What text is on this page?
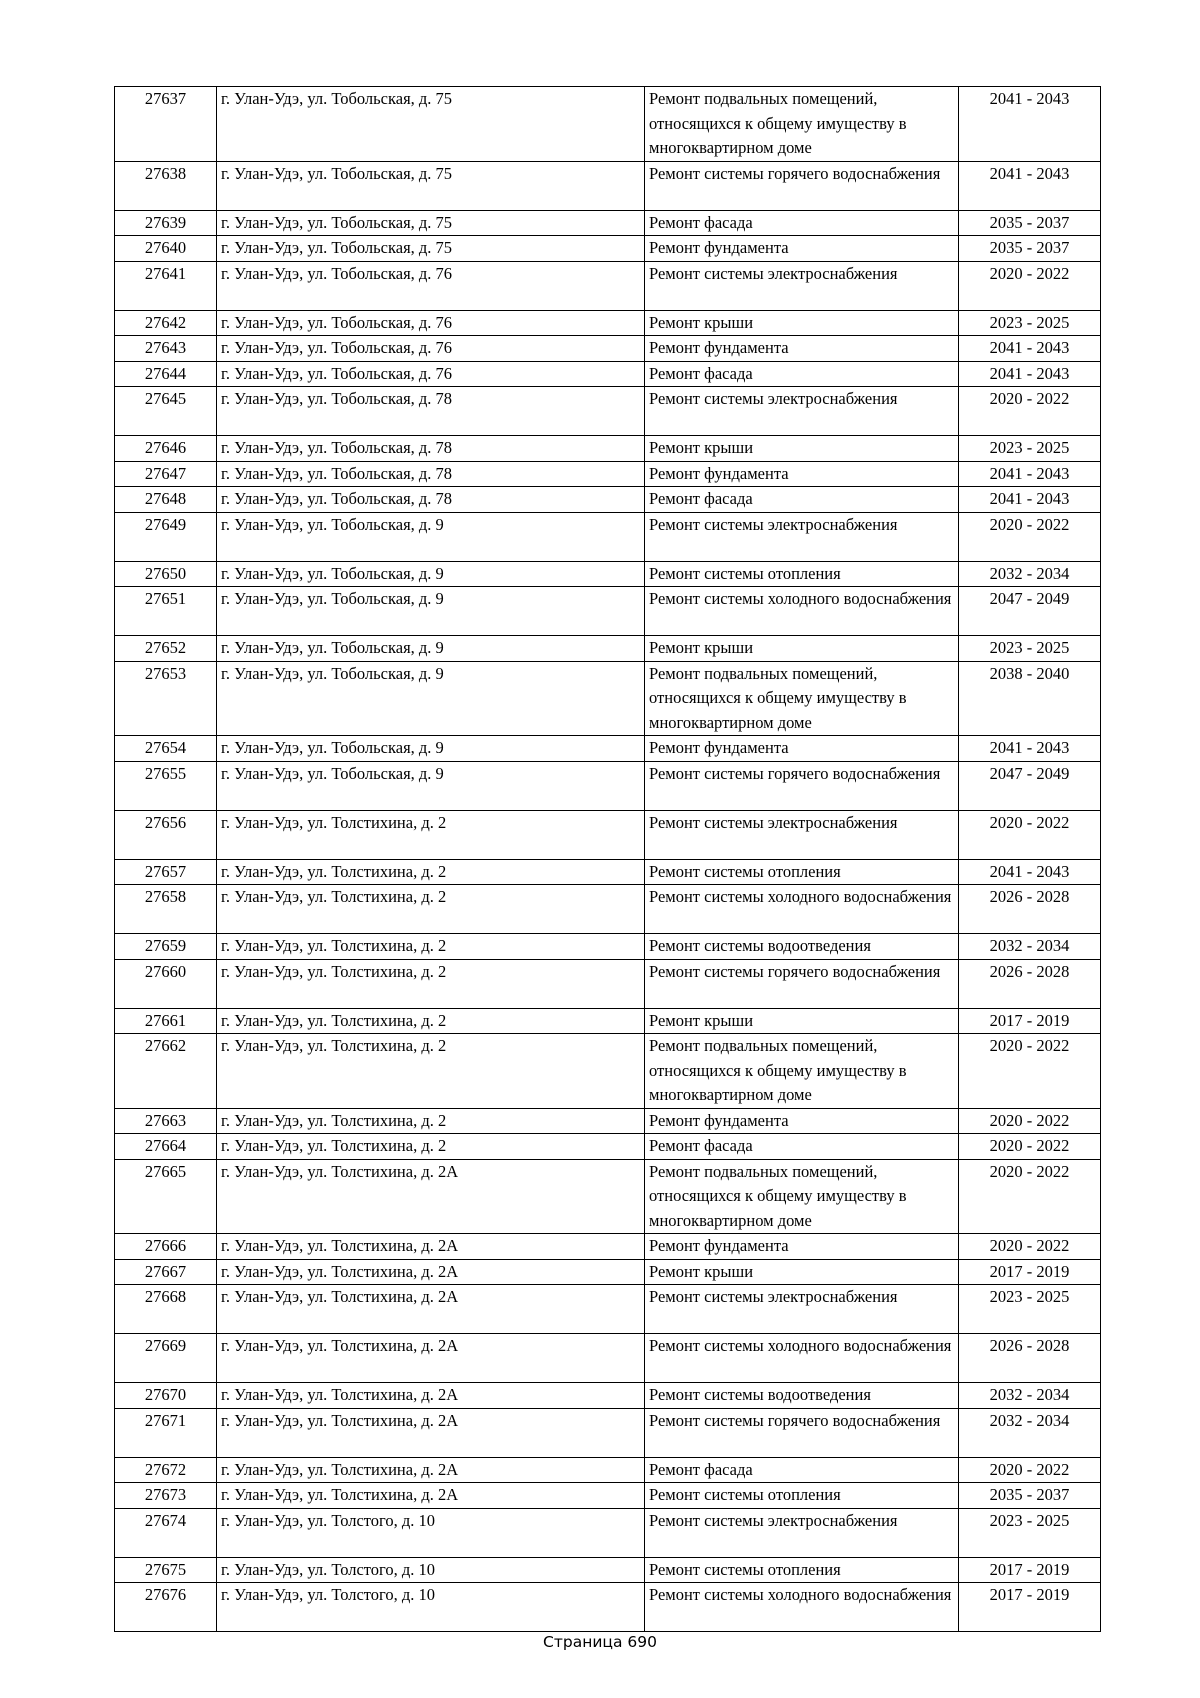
27637	г. Улан-Удэ, ул. Тобольская, д. 75	Ремонт подвальных помещений, относящихся к общему имуществу в многоквартирном доме	2041 - 2043
27638	г. Улан-Удэ, ул. Тобольская, д. 75	Ремонт системы горячего водоснабжения	2041 - 2043
27639	г. Улан-Удэ, ул. Тобольская, д. 75	Ремонт фасада	2035 - 2037
27640	г. Улан-Удэ, ул. Тобольская, д. 75	Ремонт фундамента	2035 - 2037
27641	г. Улан-Удэ, ул. Тобольская, д. 76	Ремонт системы электроснабжения	2020 - 2022
27642	г. Улан-Удэ, ул. Тобольская, д. 76	Ремонт крыши	2023 - 2025
27643	г. Улан-Удэ, ул. Тобольская, д. 76	Ремонт фундамента	2041 - 2043
27644	г. Улан-Удэ, ул. Тобольская, д. 76	Ремонт фасада	2041 - 2043
27645	г. Улан-Удэ, ул. Тобольская, д. 78	Ремонт системы электроснабжения	2020 - 2022
27646	г. Улан-Удэ, ул. Тобольская, д. 78	Ремонт крыши	2023 - 2025
27647	г. Улан-Удэ, ул. Тобольская, д. 78	Ремонт фундамента	2041 - 2043
27648	г. Улан-Удэ, ул. Тобольская, д. 78	Ремонт фасада	2041 - 2043
27649	г. Улан-Удэ, ул. Тобольская, д. 9	Ремонт системы электроснабжения	2020 - 2022
27650	г. Улан-Удэ, ул. Тобольская, д. 9	Ремонт системы отопления	2032 - 2034
27651	г. Улан-Удэ, ул. Тобольская, д. 9	Ремонт системы холодного водоснабжения	2047 - 2049
27652	г. Улан-Удэ, ул. Тобольская, д. 9	Ремонт крыши	2023 - 2025
27653	г. Улан-Удэ, ул. Тобольская, д. 9	Ремонт подвальных помещений, относящихся к общему имуществу в многоквартирном доме	2038 - 2040
27654	г. Улан-Удэ, ул. Тобольская, д. 9	Ремонт фундамента	2041 - 2043
27655	г. Улан-Удэ, ул. Тобольская, д. 9	Ремонт системы горячего водоснабжения	2047 - 2049
27656	г. Улан-Удэ, ул. Толстихина, д. 2	Ремонт системы электроснабжения	2020 - 2022
27657	г. Улан-Удэ, ул. Толстихина, д. 2	Ремонт системы отопления	2041 - 2043
27658	г. Улан-Удэ, ул. Толстихина, д. 2	Ремонт системы холодного водоснабжения	2026 - 2028
27659	г. Улан-Удэ, ул. Толстихина, д. 2	Ремонт системы водоотведения	2032 - 2034
27660	г. Улан-Удэ, ул. Толстихина, д. 2	Ремонт системы горячего водоснабжения	2026 - 2028
27661	г. Улан-Удэ, ул. Толстихина, д. 2	Ремонт крыши	2017 - 2019
27662	г. Улан-Удэ, ул. Толстихина, д. 2	Ремонт подвальных помещений, относящихся к общему имуществу в многоквартирном доме	2020 - 2022
27663	г. Улан-Удэ, ул. Толстихина, д. 2	Ремонт фундамента	2020 - 2022
27664	г. Улан-Удэ, ул. Толстихина, д. 2	Ремонт фасада	2020 - 2022
27665	г. Улан-Удэ, ул. Толстихина, д. 2А	Ремонт подвальных помещений, относящихся к общему имуществу в многоквартирном доме	2020 - 2022
27666	г. Улан-Удэ, ул. Толстихина, д. 2А	Ремонт фундамента	2020 - 2022
27667	г. Улан-Удэ, ул. Толстихина, д. 2А	Ремонт крыши	2017 - 2019
27668	г. Улан-Удэ, ул. Толстихина, д. 2А	Ремонт системы электроснабжения	2023 - 2025
27669	г. Улан-Удэ, ул. Толстихина, д. 2А	Ремонт системы холодного водоснабжения	2026 - 2028
27670	г. Улан-Удэ, ул. Толстихина, д. 2А	Ремонт системы водоотведения	2032 - 2034
27671	г. Улан-Удэ, ул. Толстихина, д. 2А	Ремонт системы горячего водоснабжения	2032 - 2034
27672	г. Улан-Удэ, ул. Толстихина, д. 2А	Ремонт фасада	2020 - 2022
27673	г. Улан-Удэ, ул. Толстихина, д. 2А	Ремонт системы отопления	2035 - 2037
27674	г. Улан-Удэ, ул. Толстого, д. 10	Ремонт системы электроснабжения	2023 - 2025
27675	г. Улан-Удэ, ул. Толстого, д. 10	Ремонт системы отопления	2017 - 2019
27676	г. Улан-Удэ, ул. Толстого, д. 10	Ремонт системы холодного водоснабжения	2017 - 2019
Страница 690
